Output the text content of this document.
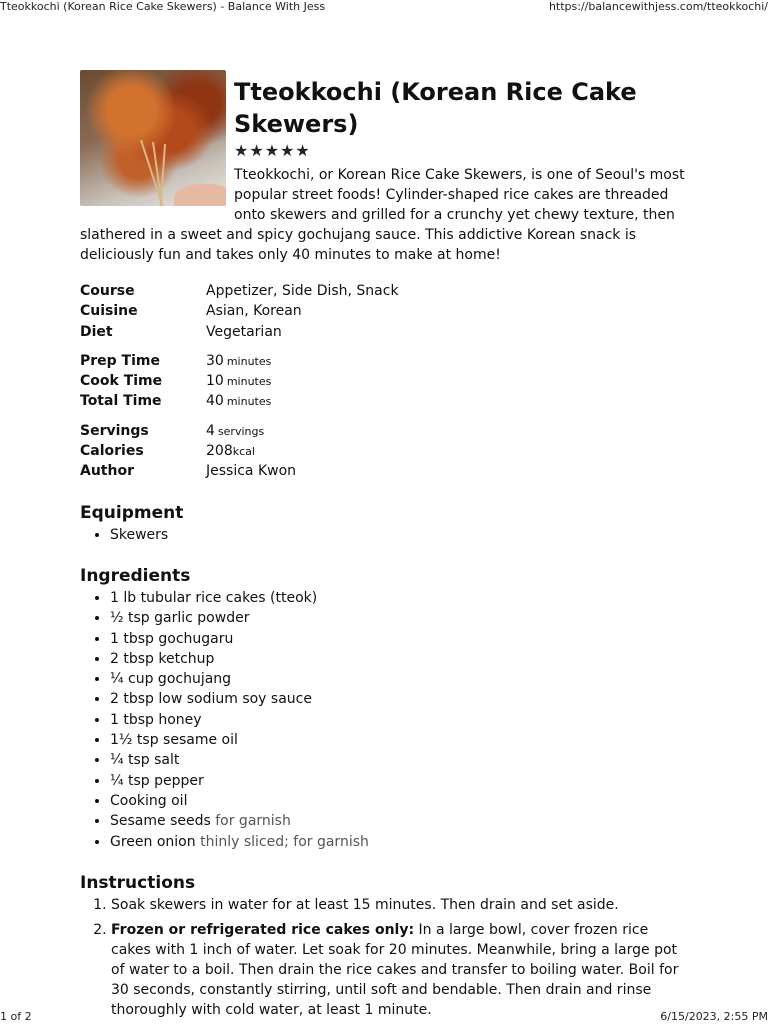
Tteokkochi (Korean Rice Cake Skewers) - Balance With Jess	https://balancewithjess.com/tteokkochi/
Tteokkochi (Korean Rice Cake Skewers)
★★★★★

Tteokkochi, or Korean Rice Cake Skewers, is one of Seoul's most popular street foods! Cylinder-shaped rice cakes are threaded onto skewers and grilled for a crunchy yet chewy texture, then slathered in a sweet and spicy gochujang sauce. This addictive Korean snack is deliciously fun and takes only 40 minutes to make at home!

Course	Appetizer, Side Dish, Snack
Cuisine	Asian, Korean
Diet	Vegetarian
Prep Time	30 minutes
Cook Time	10 minutes
Total Time	40 minutes
Servings	4 servings
Calories	208kcal
Author	Jessica Kwon
Equipment
• Skewers
Ingredients
• 1 lb tubular rice cakes (tteok)
• ½ tsp garlic powder
• 1 tbsp gochugaru
• 2 tbsp ketchup
• ¼ cup gochujang
• 2 tbsp low sodium soy sauce
• 1 tbsp honey
• 1½ tsp sesame oil
• ¼ tsp salt
• ¼ tsp pepper
• Cooking oil
• Sesame seeds for garnish
• Green onion thinly sliced; for garnish
Instructions
1. Soak skewers in water for at least 15 minutes. Then drain and set aside.
2. Frozen or refrigerated rice cakes only: In a large bowl, cover frozen rice cakes with 1 inch of water. Let soak for 20 minutes. Meanwhile, bring a large pot of water to a boil. Then drain the rice cakes and transfer to boiling water. Boil for 30 seconds, constantly stirring, until soft and bendable. Then drain and rinse thoroughly with cold water, at least 1 minute.
1 of 2	6/15/2023, 2:55 PM
